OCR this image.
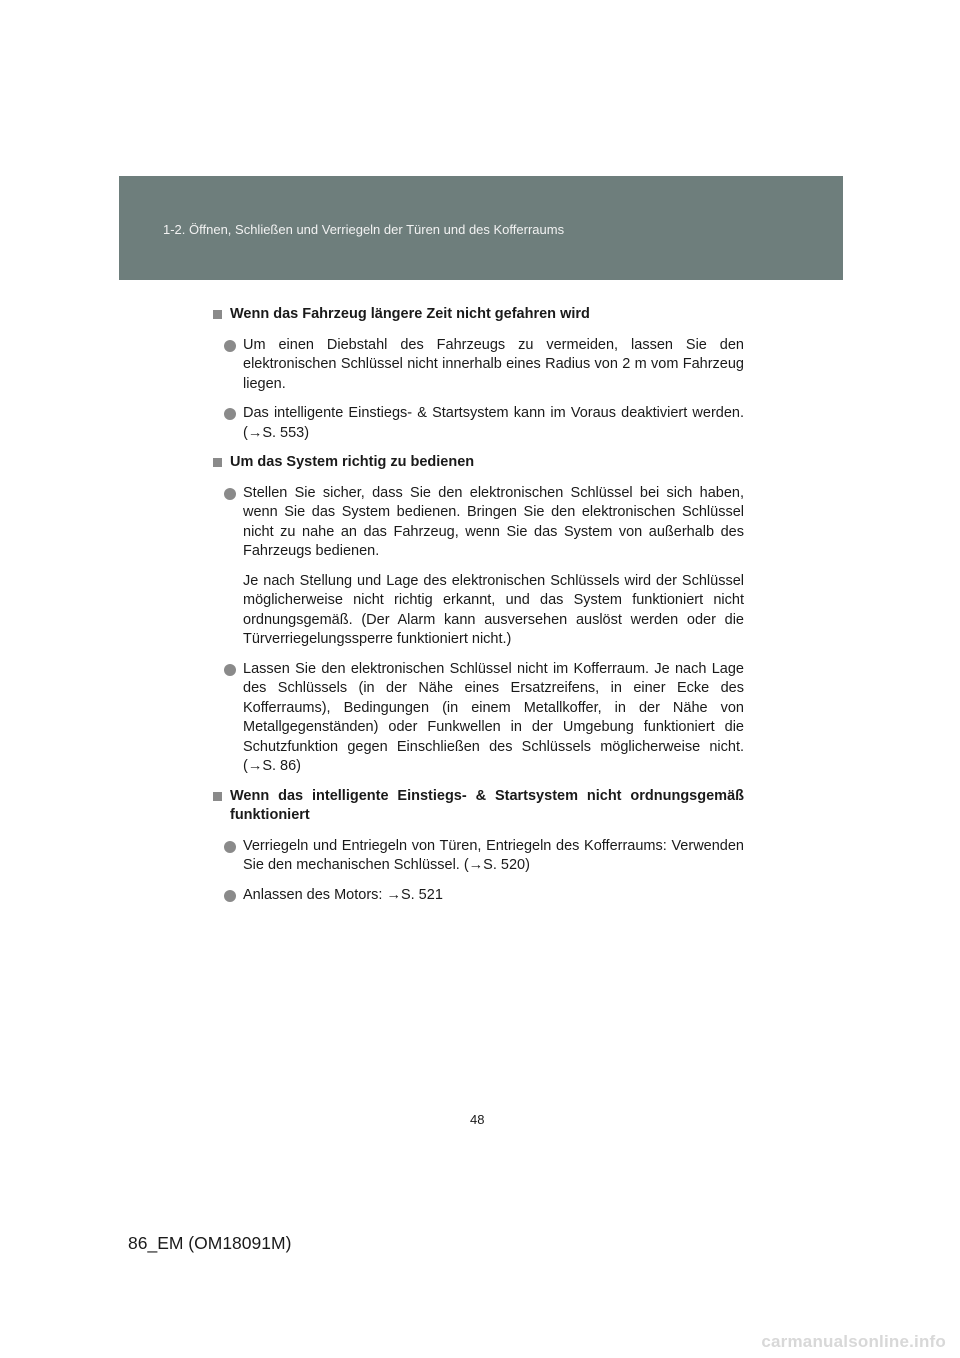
1-2. Öffnen, Schließen und Verriegeln der Türen und des Kofferraums
Wenn das Fahrzeug längere Zeit nicht gefahren wird
Um einen Diebstahl des Fahrzeugs zu vermeiden, lassen Sie den elektronischen Schlüssel nicht innerhalb eines Radius von 2 m vom Fahrzeug liegen.
Das intelligente Einstiegs- & Startsystem kann im Voraus deaktiviert werden. (→S. 553)
Um das System richtig zu bedienen
Stellen Sie sicher, dass Sie den elektronischen Schlüssel bei sich haben, wenn Sie das System bedienen. Bringen Sie den elektronischen Schlüssel nicht zu nahe an das Fahrzeug, wenn Sie das System von außerhalb des Fahrzeugs bedienen.
Je nach Stellung und Lage des elektronischen Schlüssels wird der Schlüssel möglicherweise nicht richtig erkannt, und das System funktioniert nicht ordnungsgemäß. (Der Alarm kann ausversehen auslöst werden oder die Türverriegelungssperre funktioniert nicht.)
Lassen Sie den elektronischen Schlüssel nicht im Kofferraum. Je nach Lage des Schlüssels (in der Nähe eines Ersatzreifens, in einer Ecke des Kofferraums), Bedingungen (in einem Metallkoffer, in der Nähe von Metallgegenständen) oder Funkwellen in der Umgebung funktioniert die Schutzfunktion gegen Einschließen des Schlüssels möglicherweise nicht. (→S. 86)
Wenn das intelligente Einstiegs- & Startsystem nicht ordnungsgemäß funktioniert
Verriegeln und Entriegeln von Türen, Entriegeln des Kofferraums: Verwenden Sie den mechanischen Schlüssel. (→S. 520)
Anlassen des Motors: →S. 521
48
86_EM (OM18091M)
carmanualsonline.info
